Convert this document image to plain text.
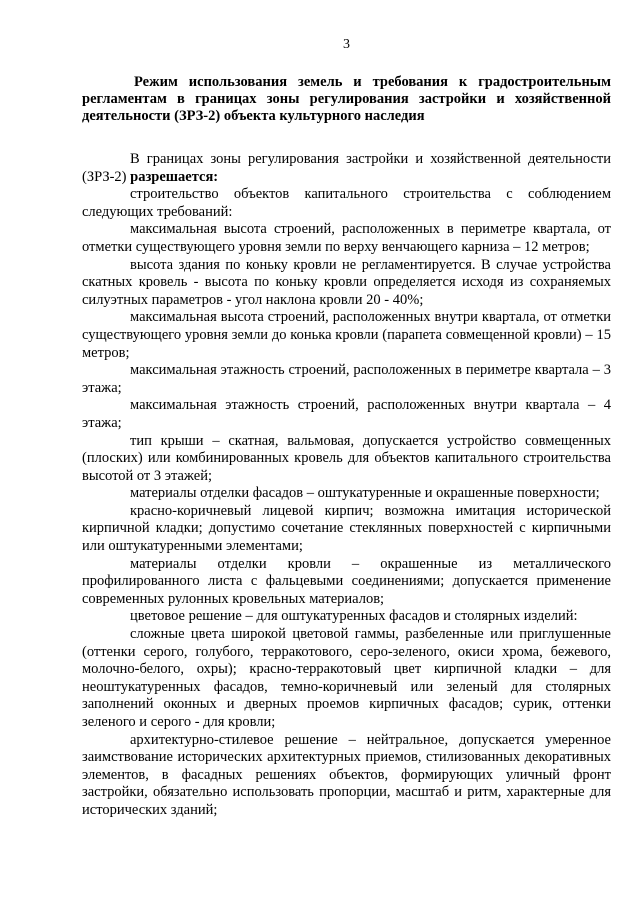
3
Режим использования земель и требования к градостроительным регламентам в границах зоны регулирования застройки и хозяйственной деятельности (ЗРЗ-2) объекта культурного наследия

В границах зоны регулирования застройки и хозяйственной деятельности (ЗРЗ-2) разрешается:

строительство объектов капитального строительства с соблюдением следующих требований:

максимальная высота строений, расположенных в периметре квартала, от отметки существующего уровня земли по верху венчающего карниза – 12 метров;

высота здания по коньку кровли не регламентируется. В случае устройства скатных кровель - высота по коньку кровли определяется исходя из сохраняемых силуэтных параметров - угол наклона кровли 20 - 40%;

максимальная высота строений, расположенных внутри квартала, от отметки существующего уровня земли до конька кровли (парапета совмещенной кровли) – 15 метров;

максимальная этажность строений, расположенных в периметре квартала – 3 этажа;

максимальная этажность строений, расположенных внутри квартала – 4 этажа;

тип крыши – скатная, вальмовая, допускается устройство совмещенных (плоских) или комбинированных кровель для объектов капитального строительства высотой от 3 этажей;

материалы отделки фасадов – оштукатуренные и окрашенные поверхности;

красно-коричневый лицевой кирпич; возможна имитация исторической кирпичной кладки; допустимо сочетание стеклянных поверхностей с кирпичными или оштукатуренными элементами;

материалы отделки кровли – окрашенные из металлического профилированного листа с фальцевыми соединениями; допускается применение современных рулонных кровельных материалов;

цветовое решение – для оштукатуренных фасадов и столярных изделий:

сложные цвета широкой цветовой гаммы, разбеленные или приглушенные (оттенки серого, голубого, терракотового, серо-зеленого, окиси хрома, бежевого, молочно-белого, охры); красно-терракотовый цвет кирпичной кладки – для неоштукатуренных фасадов, темно-коричневый или зеленый для столярных заполнений оконных и дверных проемов кирпичных фасадов; сурик, оттенки зеленого и серого - для кровли;

архитектурно-стилевое решение – нейтральное, допускается умеренное заимствование исторических архитектурных приемов, стилизованных декоративных элементов, в фасадных решениях объектов, формирующих уличный фронт застройки, обязательно использовать пропорции, масштаб и ритм, характерные для исторических зданий;
